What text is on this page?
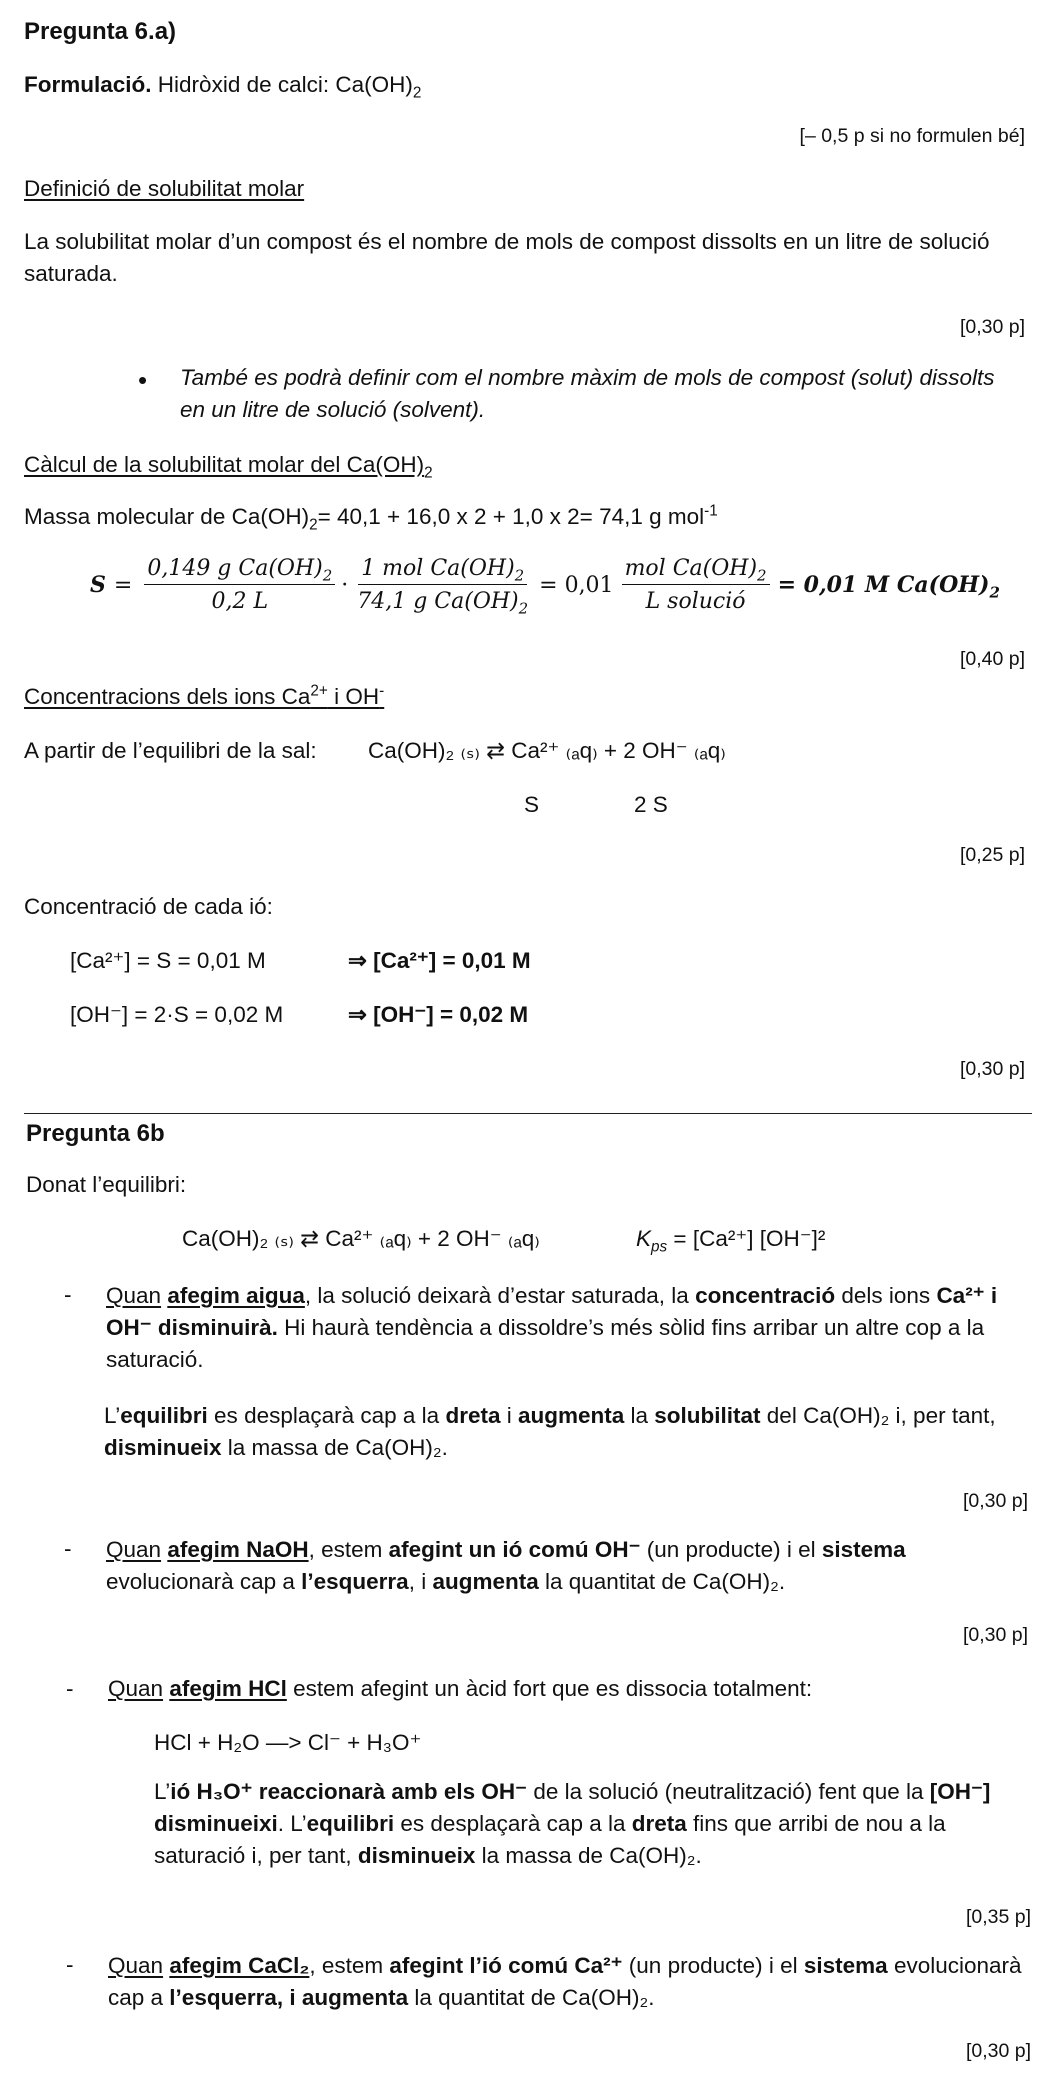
Pregunta 6.a)
Formulació. Hidròxid de calci: $Ca(OH)_2$
[– 0,5 p si no formulen bé]
Definició de solubilitat molar
La solubilitat molar d’un compost és el nombre de mols de compost dissolts en un litre de solució saturada.
[0,30 p]
• També es podrà definir com el nombre màxim de mols de compost (solut) dissolts en un litre de solució (solvent).
Càlcul de la solubilitat molar del $Ca(OH)_2$
Massa molecular de $Ca(OH)_2= 40,1 + 16,0$ x 2 + 1,0 x 2= 74,1 g mol$^{-1}$
$S = \frac{0,149 g Ca(OH)_2}{0,2 L} \cdot \frac{1 mol Ca(OH)_2}{74,1 g Ca(OH)_2} = 0,01 \frac{mol Ca(OH)_2}{\text{L solució}} = 0,01$ M $Ca(OH)_2$
[0,40 p]
Concentracions dels ions $Ca^{2+}$ i OH-
A partir de l’equilibri de la sal: Ca(OH)₂ ₍ₛ₎ ⇄ Ca²⁺ ₍ₐq₎ + 2 OH⁻ ₍ₐq₎
S	2 S
[0,25 p]
Concentració de cada ió:
[Ca²⁺] = S = 0,01 M	⇒ [Ca²⁺] = 0,01 M
[OH⁻] = 2·S = 0,02 M	⇒ [OH⁻] = 0,02 M
[0,30 p]
Pregunta 6b
Donat l’equilibri:
Ca(OH)₂ ₍ₛ₎ ⇄ Ca²⁺ ₍ₐq₎ + 2 OH⁻ ₍ₐq₎	$K_{ps} = [Ca^{2+}]$ [OH⁻]²
- Quan afegim aigua, la solució deixarà d’estar saturada, la concentració dels ions Ca²⁺ i OH⁻ disminuirà. Hi haurà tendència a dissoldre’s més sòlid fins arribar un altre cop a la saturació.
L’equilibri es desplaçarà cap a la dreta i augmenta la solubilitat del Ca(OH)₂ i, per tant, disminueix la massa de Ca(OH)₂.
[0,30 p]
- Quan afegim NaOH, estem afegint un ió comú OH⁻ (un producte) i el sistema evolucionarà cap a l’esquerra, i augmenta la quantitat de Ca(OH)₂.
[0,30 p]
- Quan afegim HCl estem afegint un àcid fort que es dissocia totalment:
HCl + H₂O —> Cl⁻ + H₃O⁺
L’ió H₃O⁺ reaccionarà amb els OH⁻ de la solució (neutralització) fent que la [OH⁻] disminueixi. L’equilibri es desplaçarà cap a la dreta fins que arribi de nou a la saturació i, per tant, disminueix la massa de Ca(OH)₂.
[0,35 p]
- Quan afegim CaCl₂, estem afegint l’ió comú Ca²⁺ (un producte) i el sistema evolucionarà cap a l’esquerra, i augmenta la quantitat de Ca(OH)₂.
[0,30 p]
